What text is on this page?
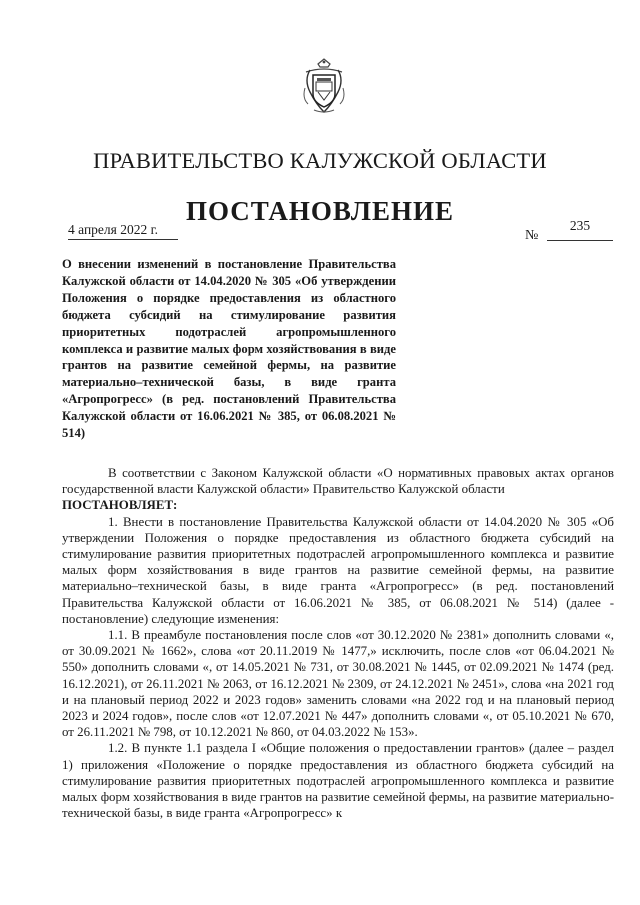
ПРАВИТЕЛЬСТВО КАЛУЖСКОЙ ОБЛАСТИ
ПОСТАНОВЛЕНИЕ
4 апреля 2022 г.	№
235
О внесении изменений в постановление Правительства Калужской области от 14.04.2020 № 305 «Об утверждении Положения о порядке предоставления из областного бюджета субсидий на стимулирование развития приоритетных подотраслей агропромышленного комплекса и развитие малых форм хозяйствования в виде грантов на развитие семейной фермы, на развитие материально–технической базы, в виде гранта «Агропрогресс» (в ред. постановлений Правительства Калужской области от 16.06.2021 № 385, от 06.08.2021 № 514)

В соответствии с Законом Калужской области «О нормативных правовых актах органов государственной власти Калужской области» Правительство Калужской области

ПОСТАНОВЛЯЕТ:

1. Внести в постановление Правительства Калужской области от 14.04.2020 № 305 «Об утверждении Положения о порядке предоставления из областного бюджета субсидий на стимулирование развития приоритетных подотраслей агропромышленного комплекса и развитие малых форм хозяйствования в виде грантов на развитие семейной фермы, на развитие материально–технической базы, в виде гранта «Агропрогресс» (в ред. постановлений Правительства Калужской области от 16.06.2021 № 385, от 06.08.2021 № 514) (далее - постановление) следующие изменения:

1.1. В преамбуле постановления после слов «от 30.12.2020 № 2381» дополнить словами «, от 30.09.2021 № 1662», слова «от 20.11.2019 № 1477,» исключить, после слов «от 06.04.2021 № 550» дополнить словами «, от 14.05.2021 № 731, от 30.08.2021 № 1445, от 02.09.2021 № 1474 (ред. 16.12.2021), от 26.11.2021 № 2063, от 16.12.2021 № 2309, от 24.12.2021 № 2451», слова «на 2021 год и на плановый период 2022 и 2023 годов» заменить словами «на 2022 год и на плановый период 2023 и 2024 годов», после слов «от 12.07.2021 № 447» дополнить словами «, от 05.10.2021 № 670, от 26.11.2021 № 798, от 10.12.2021 № 860, от 04.03.2022 № 153».

1.2. В пункте 1.1 раздела I «Общие положения о предоставлении грантов» (далее – раздел 1) приложения «Положение о порядке предоставления из областного бюджета субсидий на стимулирование развития приоритетных подотраслей агропромышленного комплекса и развитие малых форм хозяйствования в виде грантов на развитие семейной фермы, на развитие материально-технической базы, в виде гранта «Агропрогресс» к
